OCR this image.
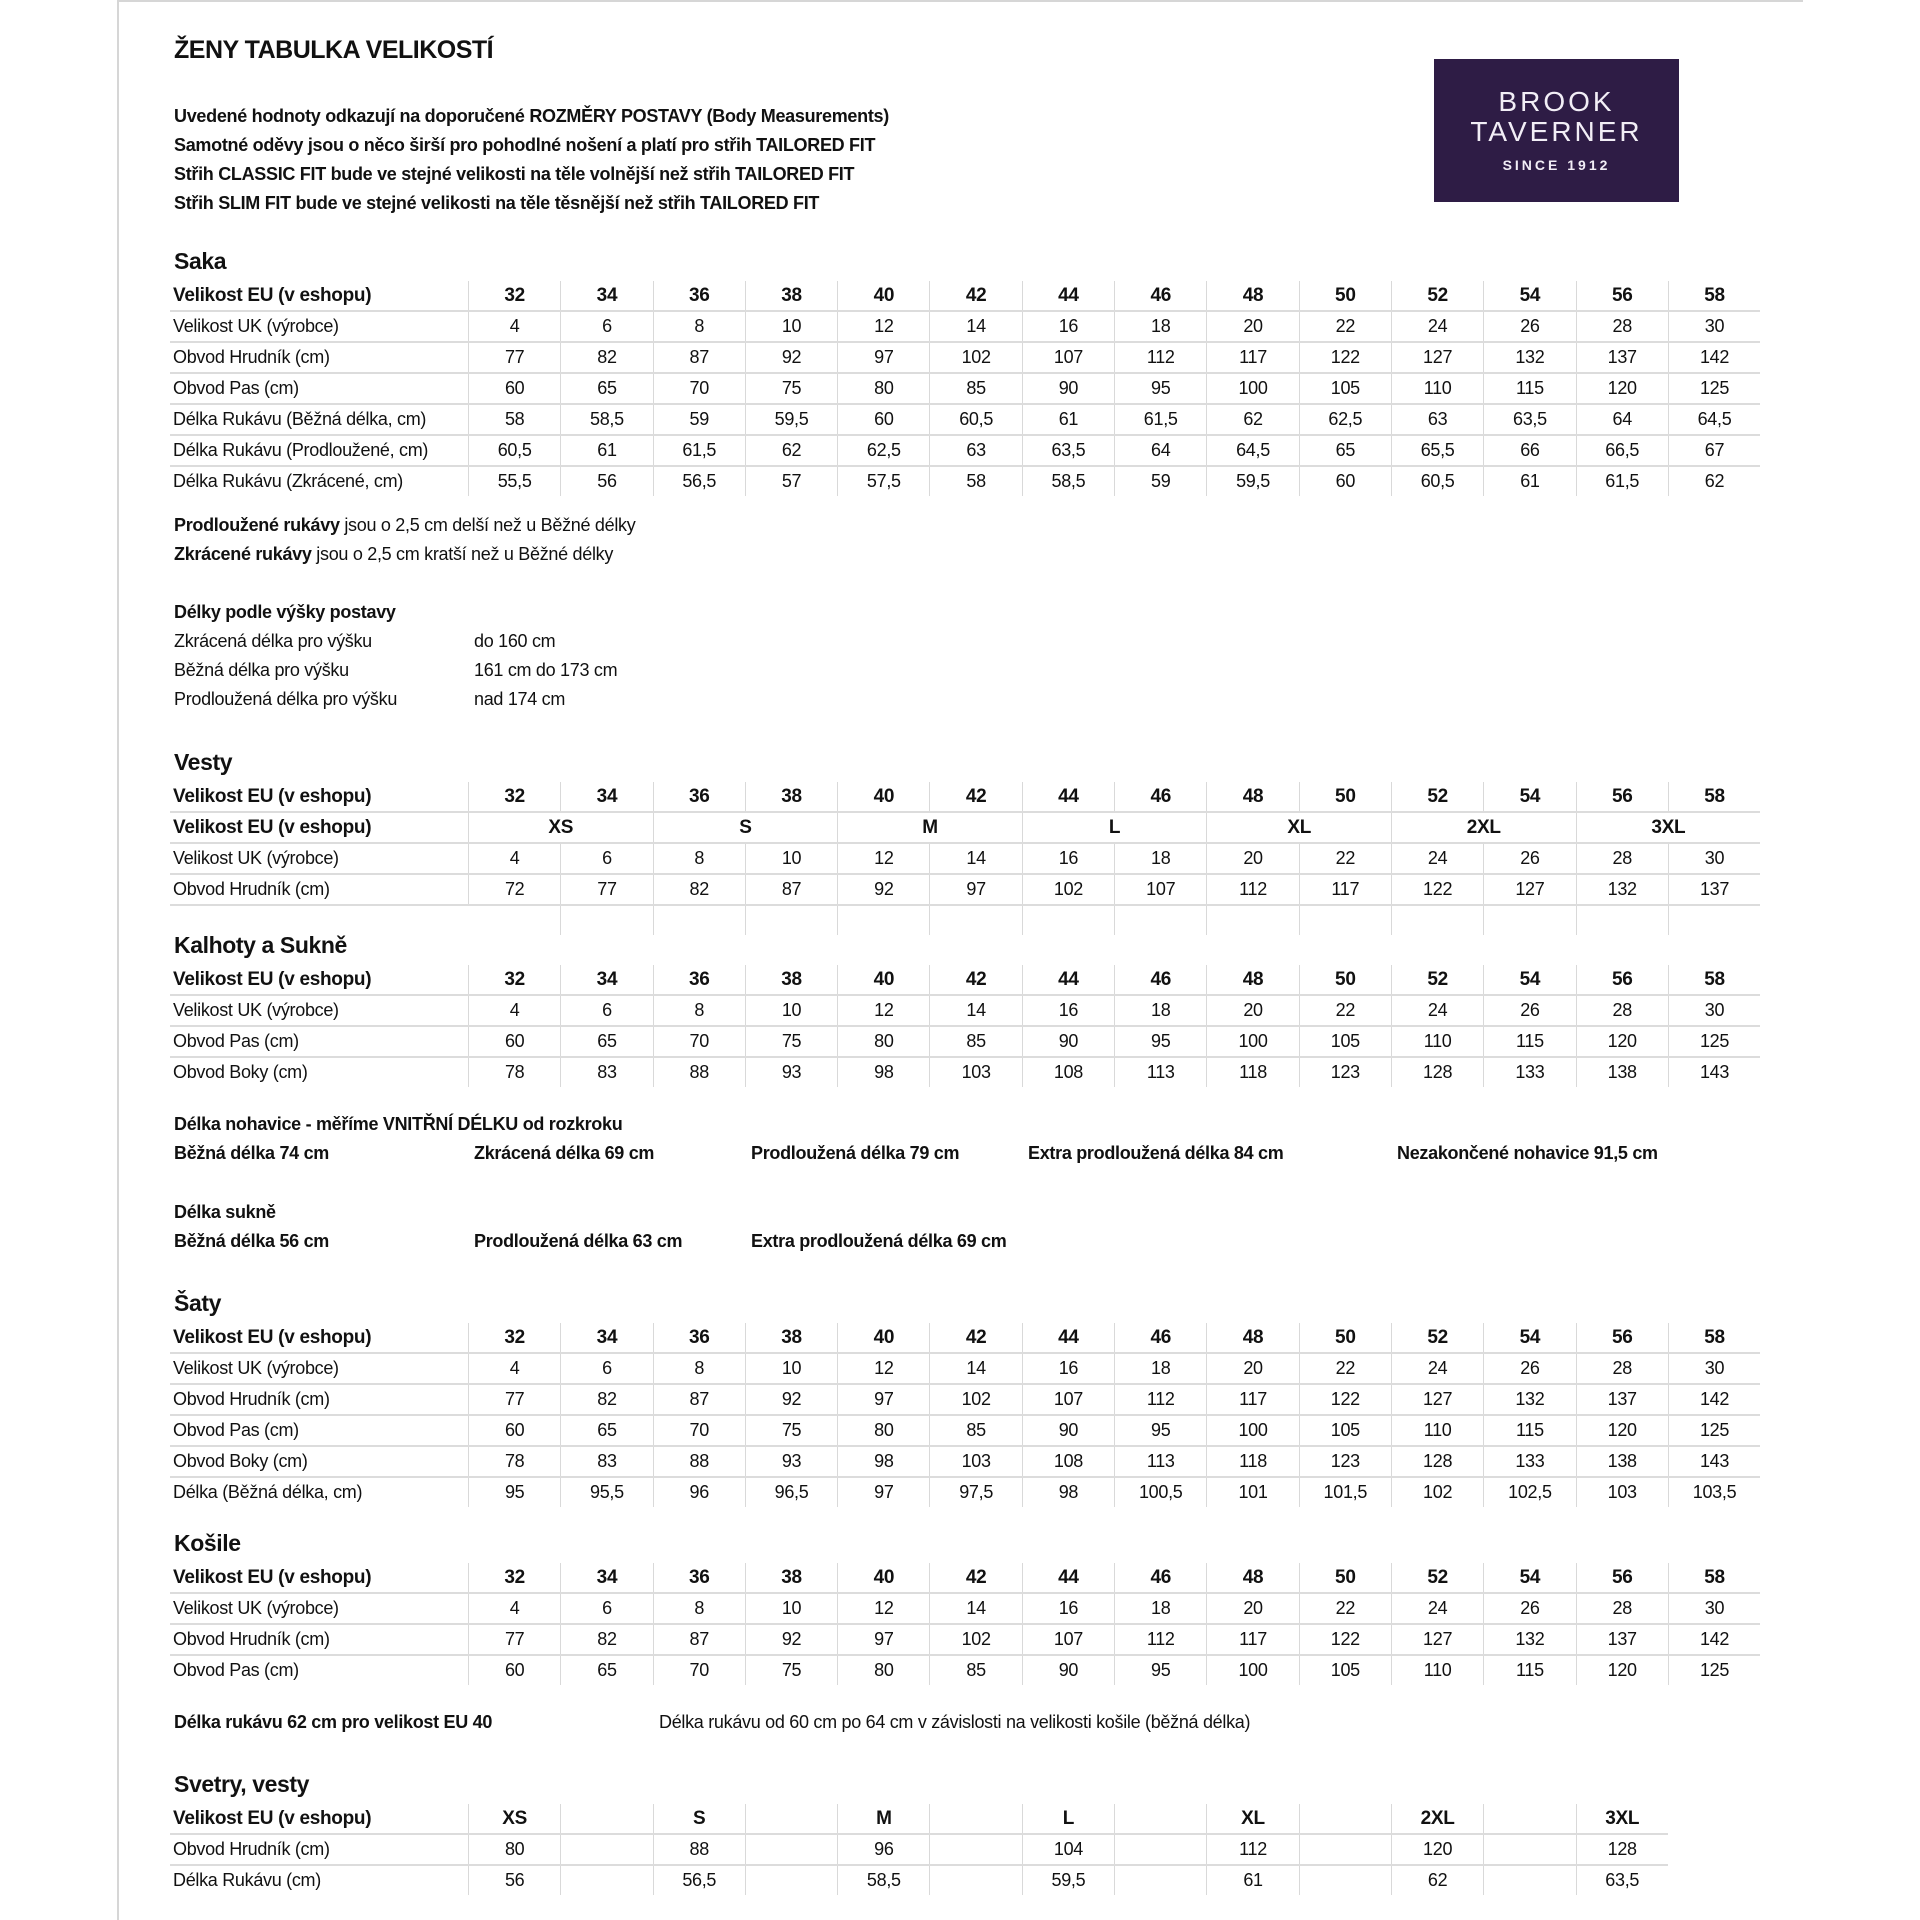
ŽENY TABULKA VELIKOSTÍ
Uvedené hodnoty odkazují na doporučené ROZMĚRY POSTAVY (Body Measurements)
Samotné oděvy jsou o něco širší pro pohodlné nošení a platí pro střih TAILORED FIT
Střih CLASSIC FIT bude ve stejné velikosti na těle volnější než střih TAILORED FIT
Střih SLIM FIT bude ve stejné velikosti na těle těsnější než střih TAILORED FIT
BROOK
TAVERNER
SINCE 1912
Saka
Velikost EU (v eshopu)	32	34	36	38	40	42	44	46	48	50	52	54	56	58
Velikost UK (výrobce)	4	6	8	10	12	14	16	18	20	22	24	26	28	30
Obvod Hrudník (cm)	77	82	87	92	97	102	107	112	117	122	127	132	137	142
Obvod Pas (cm)	60	65	70	75	80	85	90	95	100	105	110	115	120	125
Délka Rukávu (Běžná délka, cm)	58	58,5	59	59,5	60	60,5	61	61,5	62	62,5	63	63,5	64	64,5
Délka Rukávu (Prodloužené, cm)	60,5	61	61,5	62	62,5	63	63,5	64	64,5	65	65,5	66	66,5	67
Délka Rukávu (Zkrácené, cm)	55,5	56	56,5	57	57,5	58	58,5	59	59,5	60	60,5	61	61,5	62
Prodloužené rukávy jsou o 2,5 cm delší než u Běžné délky
Zkrácené rukávy jsou o 2,5 cm kratší než u Běžné délky
Délky podle výšky postavy
Zkrácená délka pro výšku	do 160 cm
Běžná délka pro výšku	161 cm do 173 cm
Prodloužená délka pro výšku	nad 174 cm
Vesty
Velikost EU (v eshopu)	32	34	36	38	40	42	44	46	48	50	52	54	56	58
Velikost EU (v eshopu)	XS		S		M		L		XL		2XL		3XL	
Velikost UK (výrobce)	4	6	8	10	12	14	16	18	20	22	24	26	28	30
Obvod Hrudník (cm)	72	77	82	87	92	97	102	107	112	117	122	127	132	137

Kalhoty a Sukně
Velikost EU (v eshopu)	32	34	36	38	40	42	44	46	48	50	52	54	56	58
Velikost UK (výrobce)	4	6	8	10	12	14	16	18	20	22	24	26	28	30
Obvod Pas (cm)	60	65	70	75	80	85	90	95	100	105	110	115	120	125
Obvod Boky (cm)	78	83	88	93	98	103	108	113	118	123	128	133	138	143
Délka nohavice - měříme VNITŘNÍ DÉLKU od rozkroku
Běžná délka 74 cm	Zkrácená délka 69 cm	Prodloužená délka 79 cm	Extra prodloužená délka 84 cm	Nezakončené nohavice 91,5 cm
Délka sukně
Běžná délka 56 cm	Prodloužená délka 63 cm	Extra prodloužená délka 69 cm
Šaty
Velikost EU (v eshopu)	32	34	36	38	40	42	44	46	48	50	52	54	56	58
Velikost UK (výrobce)	4	6	8	10	12	14	16	18	20	22	24	26	28	30
Obvod Hrudník (cm)	77	82	87	92	97	102	107	112	117	122	127	132	137	142
Obvod Pas (cm)	60	65	70	75	80	85	90	95	100	105	110	115	120	125
Obvod Boky (cm)	78	83	88	93	98	103	108	113	118	123	128	133	138	143
Délka (Běžná délka, cm)	95	95,5	96	96,5	97	97,5	98	100,5	101	101,5	102	102,5	103	103,5
Košile
Velikost EU (v eshopu)	32	34	36	38	40	42	44	46	48	50	52	54	56	58
Velikost UK (výrobce)	4	6	8	10	12	14	16	18	20	22	24	26	28	30
Obvod Hrudník (cm)	77	82	87	92	97	102	107	112	117	122	127	132	137	142
Obvod Pas (cm)	60	65	70	75	80	85	90	95	100	105	110	115	120	125
Délka rukávu 62 cm pro velikost EU 40	Délka rukávu od 60 cm po 64 cm v závislosti na velikosti košile (běžná délka)
Svetry, vesty
Velikost EU (v eshopu)	XS		S		M		L		XL		2XL		3XL
Obvod Hrudník (cm)	80		88		96		104		112		120		128
Délka Rukávu (cm)	56		56,5		58,5		59,5		61		62		63,5
